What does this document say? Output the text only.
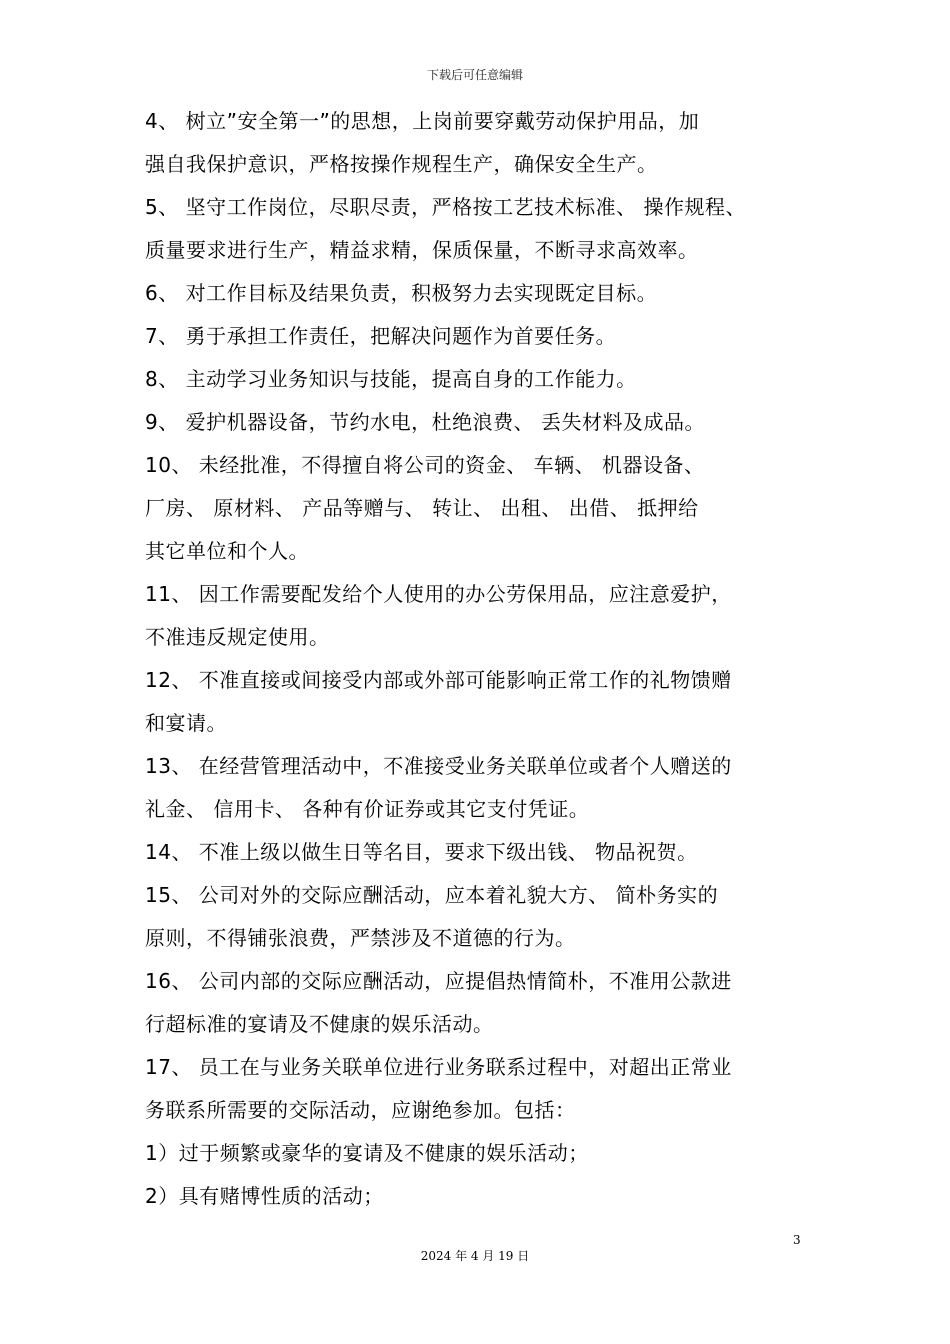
下载后可任意编辑
4、 树立”安全第一”的思想，上岗前要穿戴劳动保护用品，加
强自我保护意识，严格按操作规程生产，确保安全生产。
5、 坚守工作岗位，尽职尽责，严格按工艺技术标准、 操作规程、
质量要求进行生产，精益求精，保质保量，不断寻求高效率。
6、 对工作目标及结果负责，积极努力去实现既定目标。
7、 勇于承担工作责任，把解决问题作为首要任务。
8、 主动学习业务知识与技能，提高自身的工作能力。
9、 爱护机器设备，节约水电，杜绝浪费、 丢失材料及成品。
10、 未经批准，不得擅自将公司的资金、 车辆、 机器设备、
厂房、 原材料、 产品等赠与、 转让、 出租、 出借、 抵押给
其它单位和个人。
11、 因工作需要配发给个人使用的办公劳保用品，应注意爱护，
不准违反规定使用。
12、 不准直接或间接受内部或外部可能影响正常工作的礼物馈赠
和宴请。
13、 在经营管理活动中，不准接受业务关联单位或者个人赠送的
礼金、 信用卡、 各种有价证券或其它支付凭证。
14、 不准上级以做生日等名目，要求下级出钱、 物品祝贺。
15、 公司对外的交际应酬活动，应本着礼貌大方、 简朴务实的
原则，不得铺张浪费，严禁涉及不道德的行为。
16、 公司内部的交际应酬活动，应提倡热情简朴，不准用公款进
行超标准的宴请及不健康的娱乐活动。
17、 员工在与业务关联单位进行业务联系过程中，对超出正常业
务联系所需要的交际活动，应谢绝参加。包括：
1）过于频繁或豪华的宴请及不健康的娱乐活动；
2）具有赌博性质的活动；
3
2024 年 4 月 19 日
